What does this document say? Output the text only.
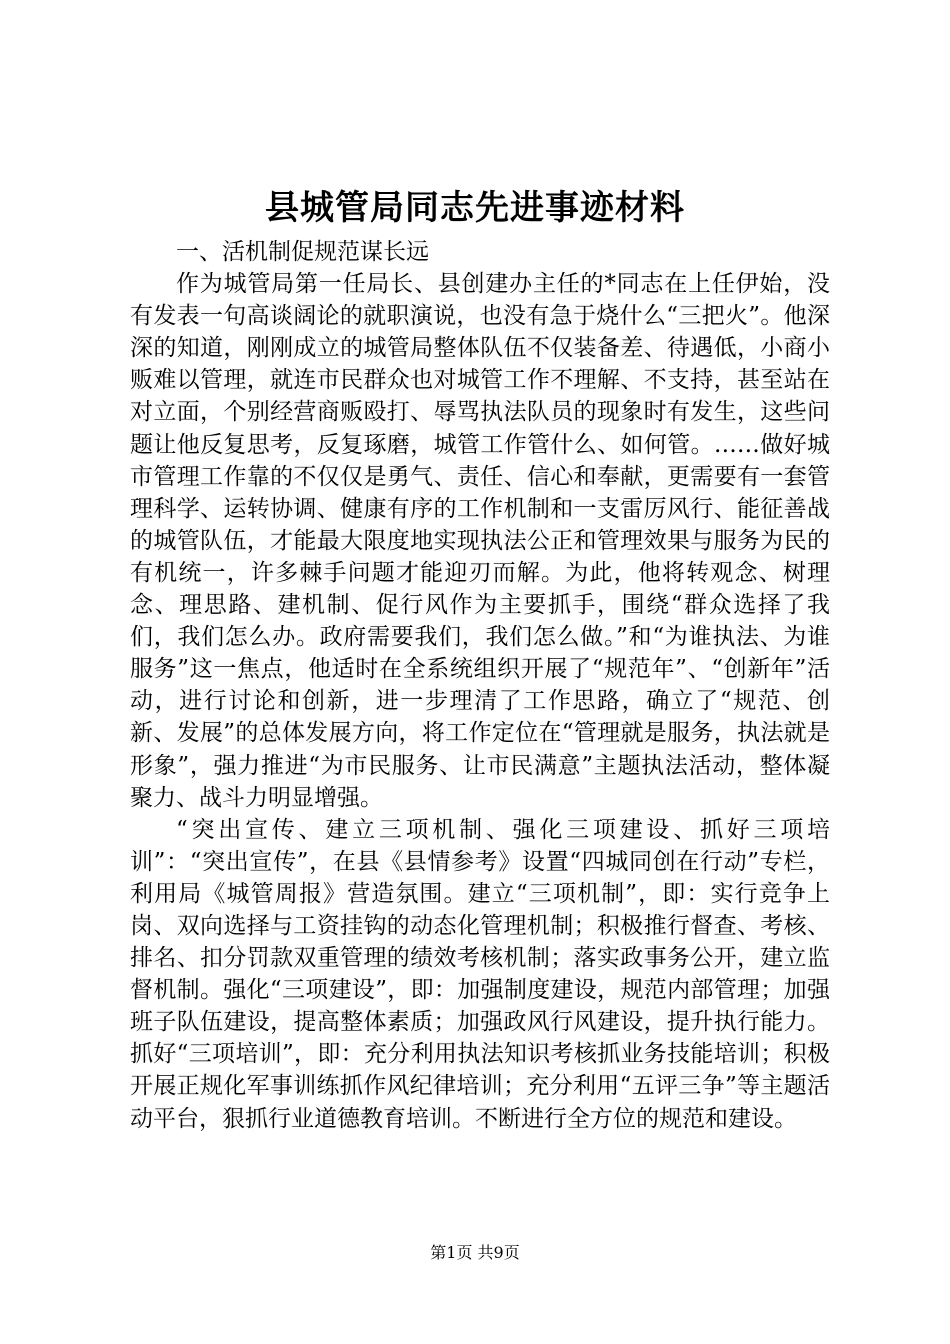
县城管局同志先进事迹材料

一、活机制促规范谋长远

作为城管局第一任局长、县创建办主任的*同志在上任伊始，没有发表一句高谈阔论的就职演说，也没有急于烧什么“三把火”。他深深的知道，刚刚成立的城管局整体队伍不仅装备差、待遇低，小商小贩难以管理，就连市民群众也对城管工作不理解、不支持，甚至站在对立面，个别经营商贩殴打、辱骂执法队员的现象时有发生，这些问题让他反复思考，反复琢磨，城管工作管什么、如何管。……做好城市管理工作靠的不仅仅是勇气、责任、信心和奉献，更需要有一套管理科学、运转协调、健康有序的工作机制和一支雷厉风行、能征善战的城管队伍，才能最大限度地实现执法公正和管理效果与服务为民的有机统一，许多棘手问题才能迎刃而解。为此，他将转观念、树理念、理思路、建机制、促行风作为主要抓手，围绕“群众选择了我们，我们怎么办。政府需要我们，我们怎么做。”和“为谁执法、为谁服务”这一焦点，他适时在全系统组织开展了“规范年”、“创新年”活动，进行讨论和创新，进一步理清了工作思路，确立了“规范、创新、发展”的总体发展方向，将工作定位在“管理就是服务，执法就是形象”，强力推进“为市民服务、让市民满意”主题执法活动，整体凝聚力、战斗力明显增强。

“突出宣传、建立三项机制、强化三项建设、抓好三项培训”：“突出宣传”，在县《县情参考》设置“四城同创在行动”专栏，利用局《城管周报》营造氛围。建立“三项机制”，即：实行竞争上岗、双向选择与工资挂钩的动态化管理机制；积极推行督查、考核、排名、扣分罚款双重管理的绩效考核机制；落实政事务公开，建立监督机制。强化“三项建设”，即：加强制度建设，规范内部管理；加强班子队伍建设，提高整体素质；加强政风行风建设，提升执行能力。抓好“三项培训”，即：充分利用执法知识考核抓业务技能培训；积极开展正规化军事训练抓作风纪律培训；充分利用“五评三争”等主题活动平台，狠抓行业道德教育培训。不断进行全方位的规范和建设。

第1页 共9页
